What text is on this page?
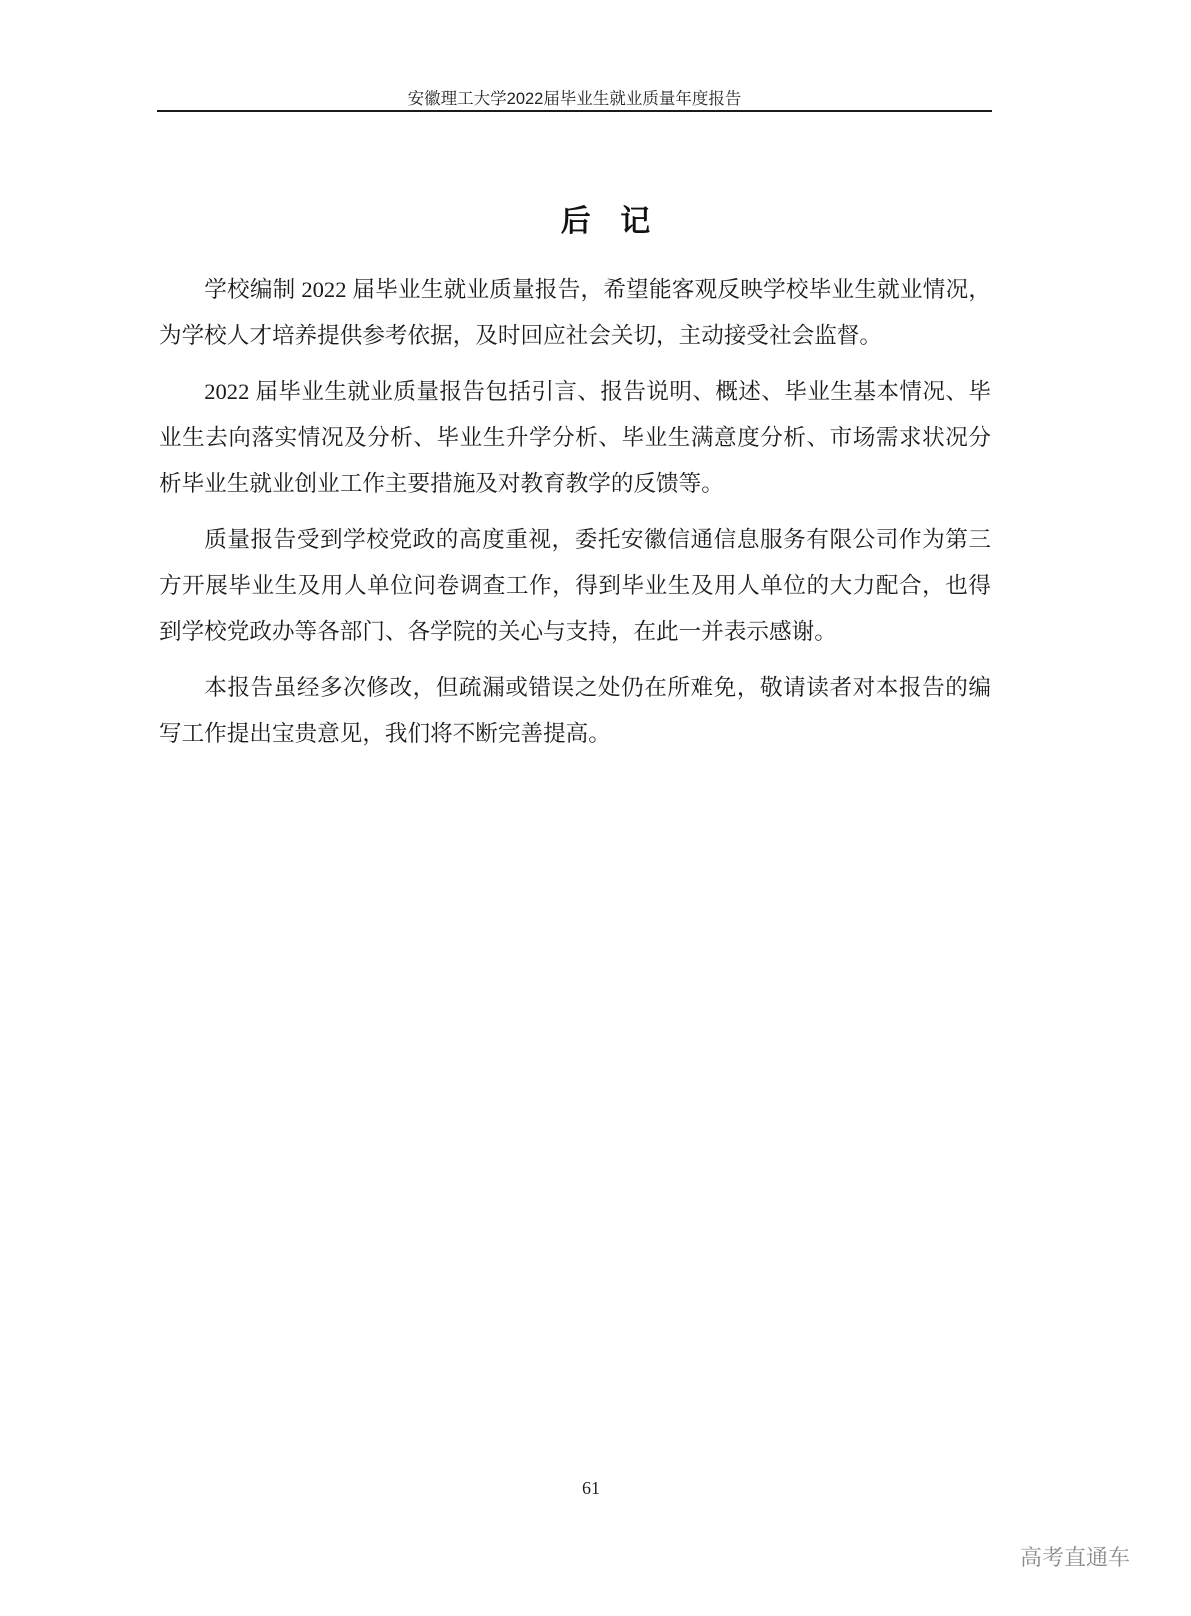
安徽理工大学2022届毕业生就业质量年度报告
后 记
学校编制 2022 届毕业生就业质量报告，希望能客观反映学校毕业生就业情况，
为学校人才培养提供参考依据，及时回应社会关切，主动接受社会监督。
2022 届毕业生就业质量报告包括引言、报告说明、概述、毕业生基本情况、毕
业生去向落实情况及分析、毕业生升学分析、毕业生满意度分析、市场需求状况分
析毕业生就业创业工作主要措施及对教育教学的反馈等。
质量报告受到学校党政的高度重视，委托安徽信通信息服务有限公司作为第三
方开展毕业生及用人单位问卷调查工作，得到毕业生及用人单位的大力配合，也得
到学校党政办等各部门、各学院的关心与支持，在此一并表示感谢。
本报告虽经多次修改，但疏漏或错误之处仍在所难免，敬请读者对本报告的编
写工作提出宝贵意见，我们将不断完善提高。
61
高考直通车
